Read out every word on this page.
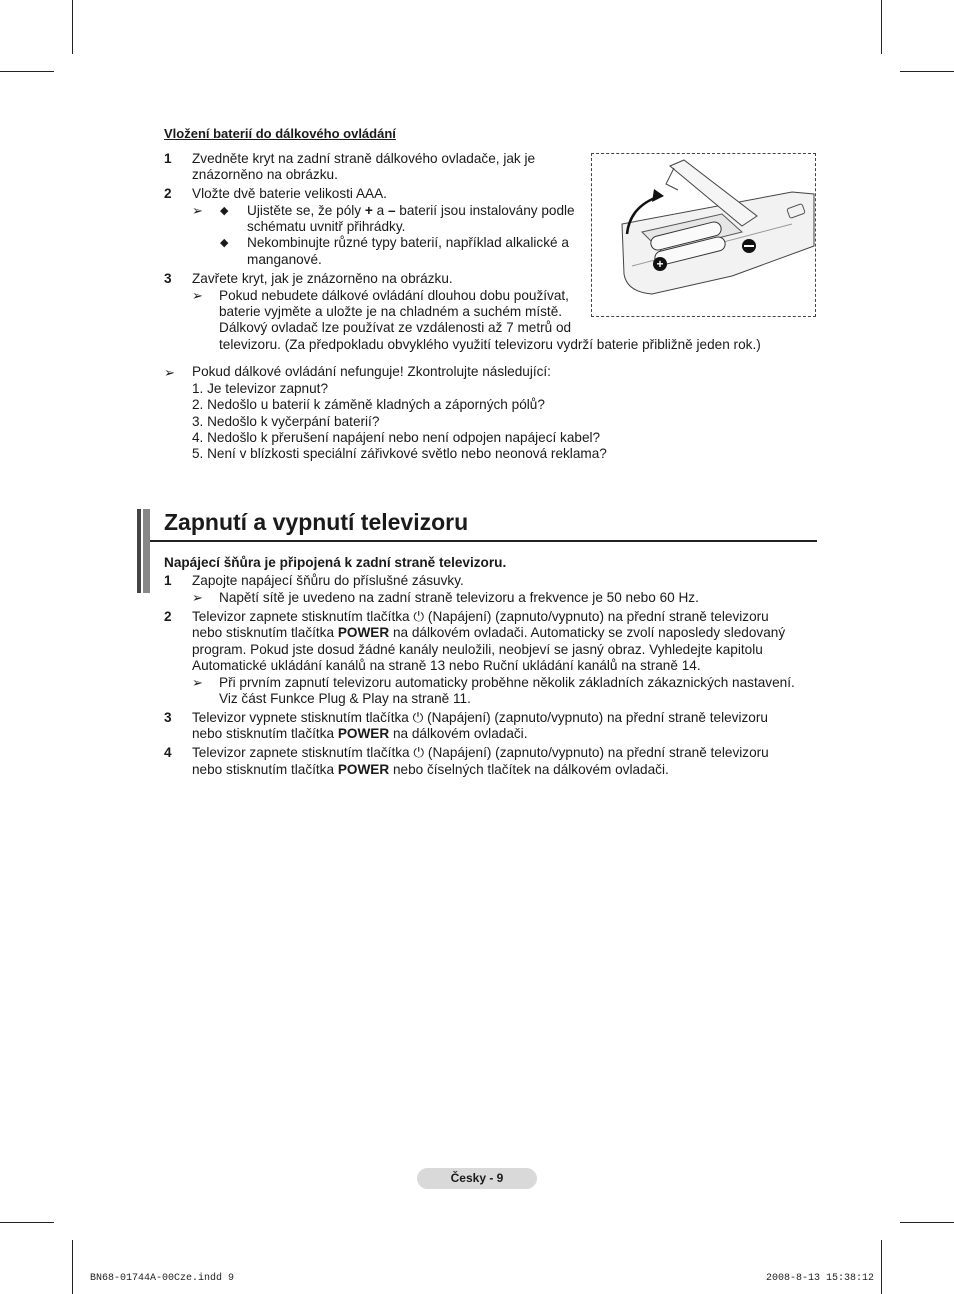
Vložení baterií do dálkového ovládání
1 Zvedněte kryt na zadní straně dálkového ovladače, jak je
znázorněno na obrázku.
2 Vložte dvě baterie velikosti AAA.
➢ ◆ Ujistěte se, že póly + a – baterií jsou instalovány podle
schématu uvnitř přihrádky.
◆ Nekombinujte různé typy baterií, například alkalické a
manganové.
3 Zavřete kryt, jak je znázorněno na obrázku.
➢ Pokud nebudete dálkové ovládání dlouhou dobu používat,
baterie vyjměte a uložte je na chladném a suchém místě.
Dálkový ovladač lze používat ze vzdálenosti až 7 metrů od
televizoru. (Za předpokladu obvyklého využití televizoru vydrží baterie přibližně jeden rok.)
+
➢ Pokud dálkové ovládání nefunguje! Zkontrolujte následující:
1. Je televizor zapnut?
2. Nedošlo u baterií k záměně kladných a záporných pólů?
3. Nedošlo k vyčerpání baterií?
4. Nedošlo k přerušení napájení nebo není odpojen napájecí kabel?
5. Není v blízkosti speciální zářivkové světlo nebo neonová reklama?
Zapnutí a vypnutí televizoru
Napájecí šňůra je připojená k zadní straně televizoru.
1 Zapojte napájecí šňůru do příslušné zásuvky.
➢ Napětí sítě je uvedeno na zadní straně televizoru a frekvence je 50 nebo 60 Hz.
2 Televizor zapnete stisknutím tlačítka ⏻ (Napájení) (zapnuto/vypnuto) na přední straně televizoru
nebo stisknutím tlačítka POWER na dálkovém ovladači. Automaticky se zvolí naposledy sledovaný
program. Pokud jste dosud žádné kanály neuložili, neobjeví se jasný obraz. Vyhledejte kapitolu
Automatické ukládání kanálů na straně 13 nebo Ruční ukládání kanálů na straně 14.
➢ Při prvním zapnutí televizoru automaticky proběhne několik základních zákaznických nastavení.
Viz část Funkce Plug & Play na straně 11.
3 Televizor vypnete stisknutím tlačítka ⏻ (Napájení) (zapnuto/vypnuto) na přední straně televizoru
nebo stisknutím tlačítka POWER na dálkovém ovladači.
4 Televizor zapnete stisknutím tlačítka ⏻ (Napájení) (zapnuto/vypnuto) na přední straně televizoru
nebo stisknutím tlačítka POWER nebo číselných tlačítek na dálkovém ovladači.
Česky - 9
BN68-01744A-00Cze.indd 9	2008-8-13 15:38:12
